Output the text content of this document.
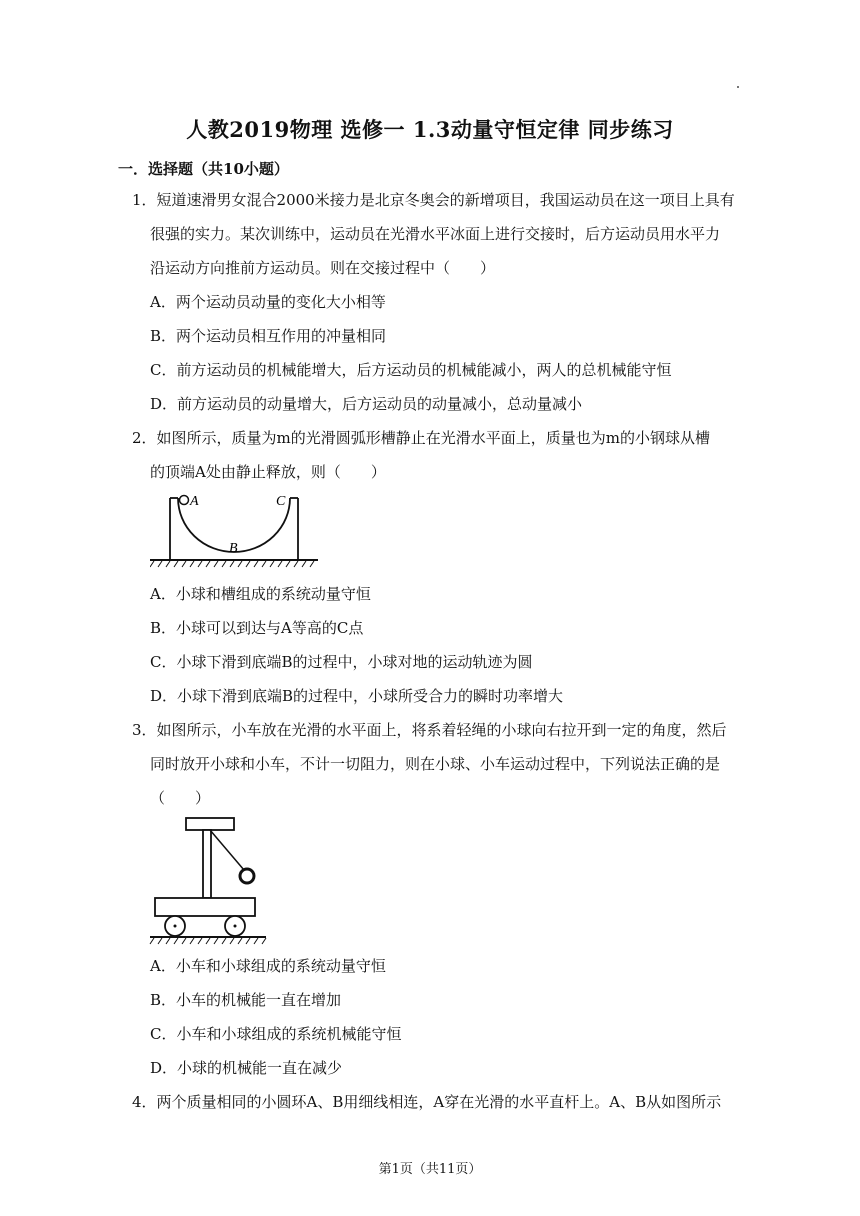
人教2019物理 选修一 1.3动量守恒定律 同步练习
一．选择题（共10小题）
1．短道速滑男女混合2000米接力是北京冬奥会的新增项目，我国运动员在这一项目上具有
很强的实力。某次训练中，运动员在光滑水平冰面上进行交接时，后方运动员用水平力
沿运动方向推前方运动员。则在交接过程中（　　）
A．两个运动员动量的变化大小相等
B．两个运动员相互作用的冲量相同
C．前方运动员的机械能增大，后方运动员的机械能减小，两人的总机械能守恒
D．前方运动员的动量增大，后方运动员的动量减小，总动量减小
2．如图所示，质量为m的光滑圆弧形槽静止在光滑水平面上，质量也为m的小钢球从槽
的顶端A处由静止释放，则（　　）
A
B
C
A．小球和槽组成的系统动量守恒
B．小球可以到达与A等高的C点
C．小球下滑到底端B的过程中，小球对地的运动轨迹为圆
D．小球下滑到底端B的过程中，小球所受合力的瞬时功率增大
3．如图所示，小车放在光滑的水平面上，将系着轻绳的小球向右拉开到一定的角度，然后
同时放开小球和小车，不计一切阻力，则在小球、小车运动过程中，下列说法正确的是
（　　）
A．小车和小球组成的系统动量守恒
B．小车的机械能一直在增加
C．小车和小球组成的系统机械能守恒
D．小球的机械能一直在减少
4．两个质量相同的小圆环A、B用细线相连，A穿在光滑的水平直杆上。A、B从如图所示
第1页（共11页）
